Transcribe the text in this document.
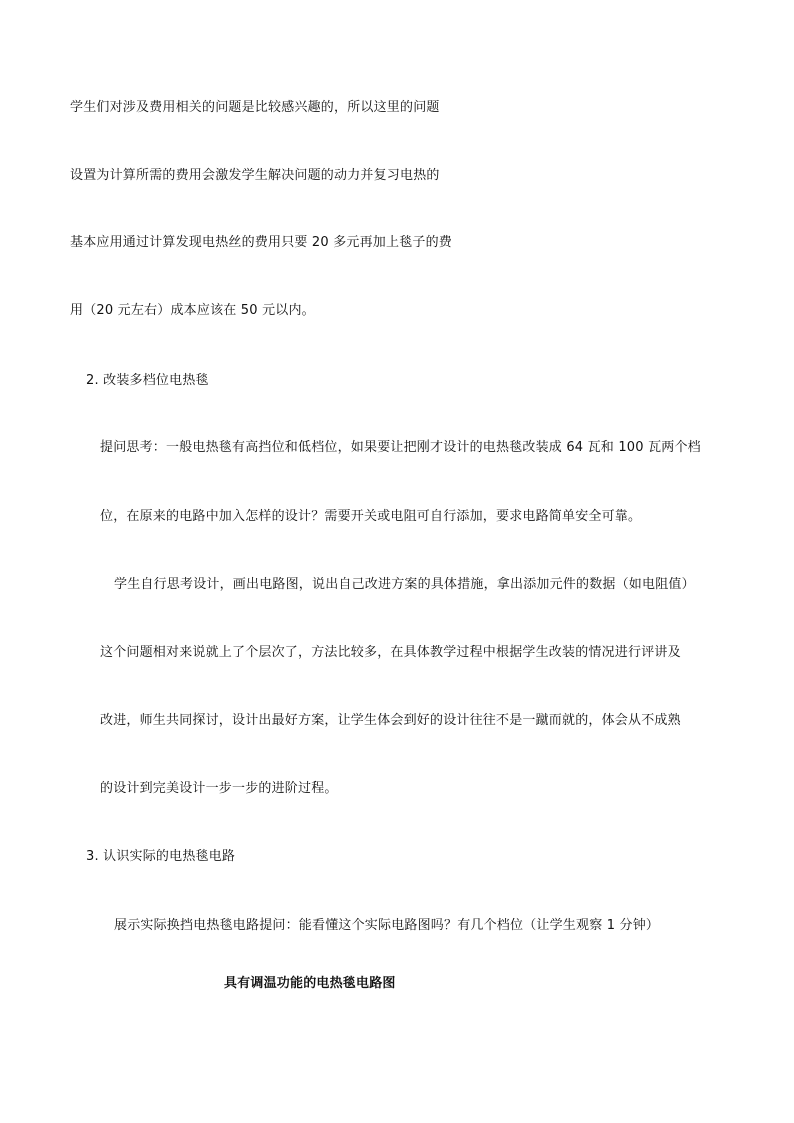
学生们对涉及费用相关的问题是比较感兴趣的，所以这里的问题
设置为计算所需的费用会激发学生解决问题的动力并复习电热的
基本应用通过计算发现电热丝的费用只要 20 多元再加上毯子的费
用（20 元左右）成本应该在 50 元以内。
2. 改装多档位电热毯
提问思考：一般电热毯有高挡位和低档位，如果要让把刚才设计的电热毯改装成 64 瓦和 100 瓦两个档
位，在原来的电路中加入怎样的设计？需要开关或电阻可自行添加，要求电路简单安全可靠。
学生自行思考设计，画出电路图，说出自己改进方案的具体措施，拿出添加元件的数据（如电阻值）
这个问题相对来说就上了个层次了，方法比较多，在具体教学过程中根据学生改装的情况进行评讲及
改进，师生共同探讨，设计出最好方案，让学生体会到好的设计往往不是一蹴而就的，体会从不成熟
的设计到完美设计一步一步的进阶过程。
3. 认识实际的电热毯电路
展示实际换挡电热毯电路提问：能看懂这个实际电路图吗？有几个档位（让学生观察 1 分钟）
具有调温功能的电热毯电路图
